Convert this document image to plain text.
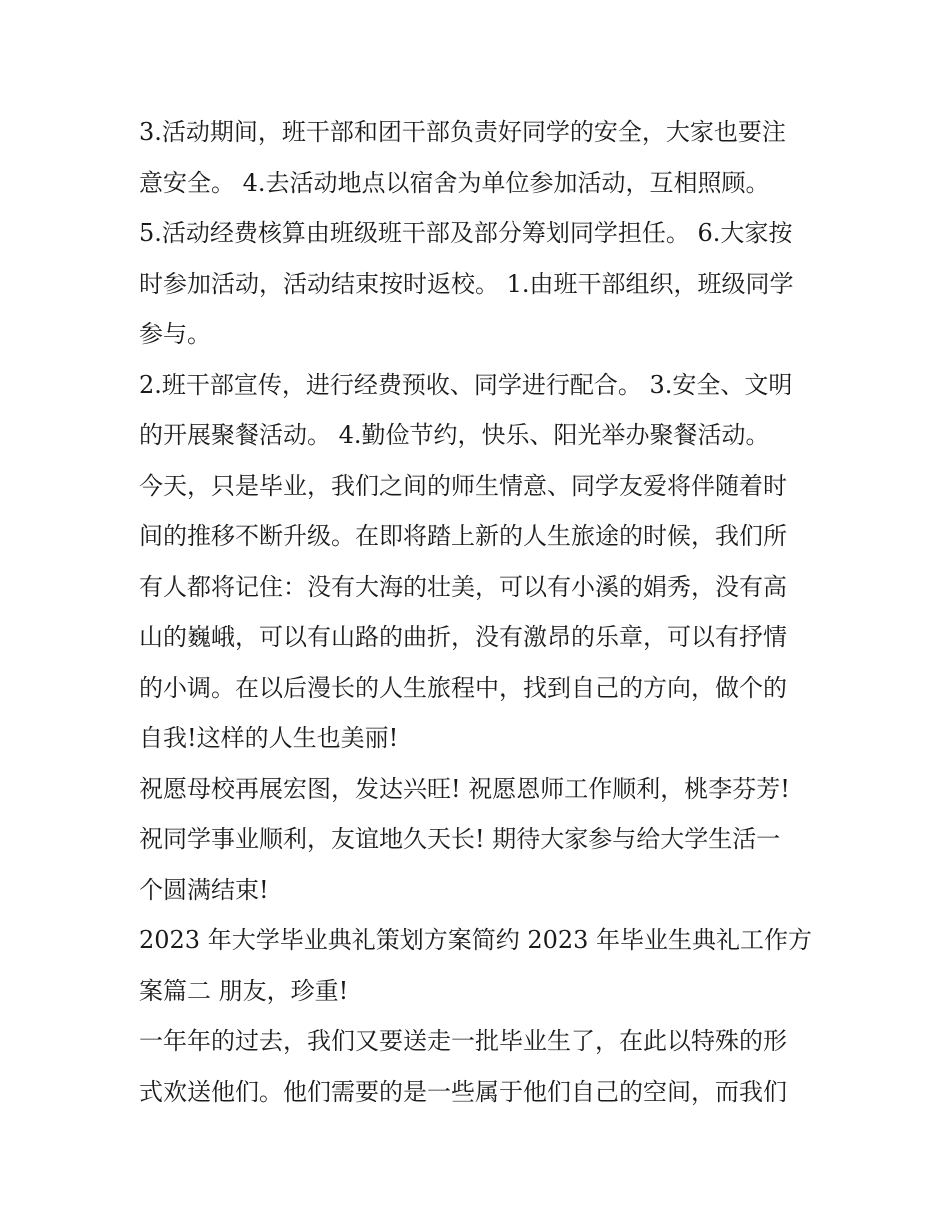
3.活动期间，班干部和团干部负责好同学的安全，大家也要注
意安全。 4.去活动地点以宿舍为单位参加活动，互相照顾。
5.活动经费核算由班级班干部及部分筹划同学担任。 6.大家按
时参加活动，活动结束按时返校。 1.由班干部组织，班级同学
参与。
2.班干部宣传，进行经费预收、同学进行配合。 3.安全、文明
的开展聚餐活动。 4.勤俭节约，快乐、阳光举办聚餐活动。
今天，只是毕业，我们之间的师生情意、同学友爱将伴随着时
间的推移不断升级。在即将踏上新的人生旅途的时候，我们所
有人都将记住：没有大海的壮美，可以有小溪的娟秀，没有高
山的巍峨，可以有山路的曲折，没有激昂的乐章，可以有抒情
的小调。在以后漫长的人生旅程中，找到自己的方向，做个的
自我!这样的人生也美丽!
祝愿母校再展宏图，发达兴旺! 祝愿恩师工作顺利，桃李芬芳!
祝同学事业顺利，友谊地久天长! 期待大家参与给大学生活一
个圆满结束!
2023 年大学毕业典礼策划方案简约 2023 年毕业生典礼工作方
案篇二 朋友，珍重!
一年年的过去，我们又要送走一批毕业生了，在此以特殊的形
式欢送他们。他们需要的是一些属于他们自己的空间，而我们
